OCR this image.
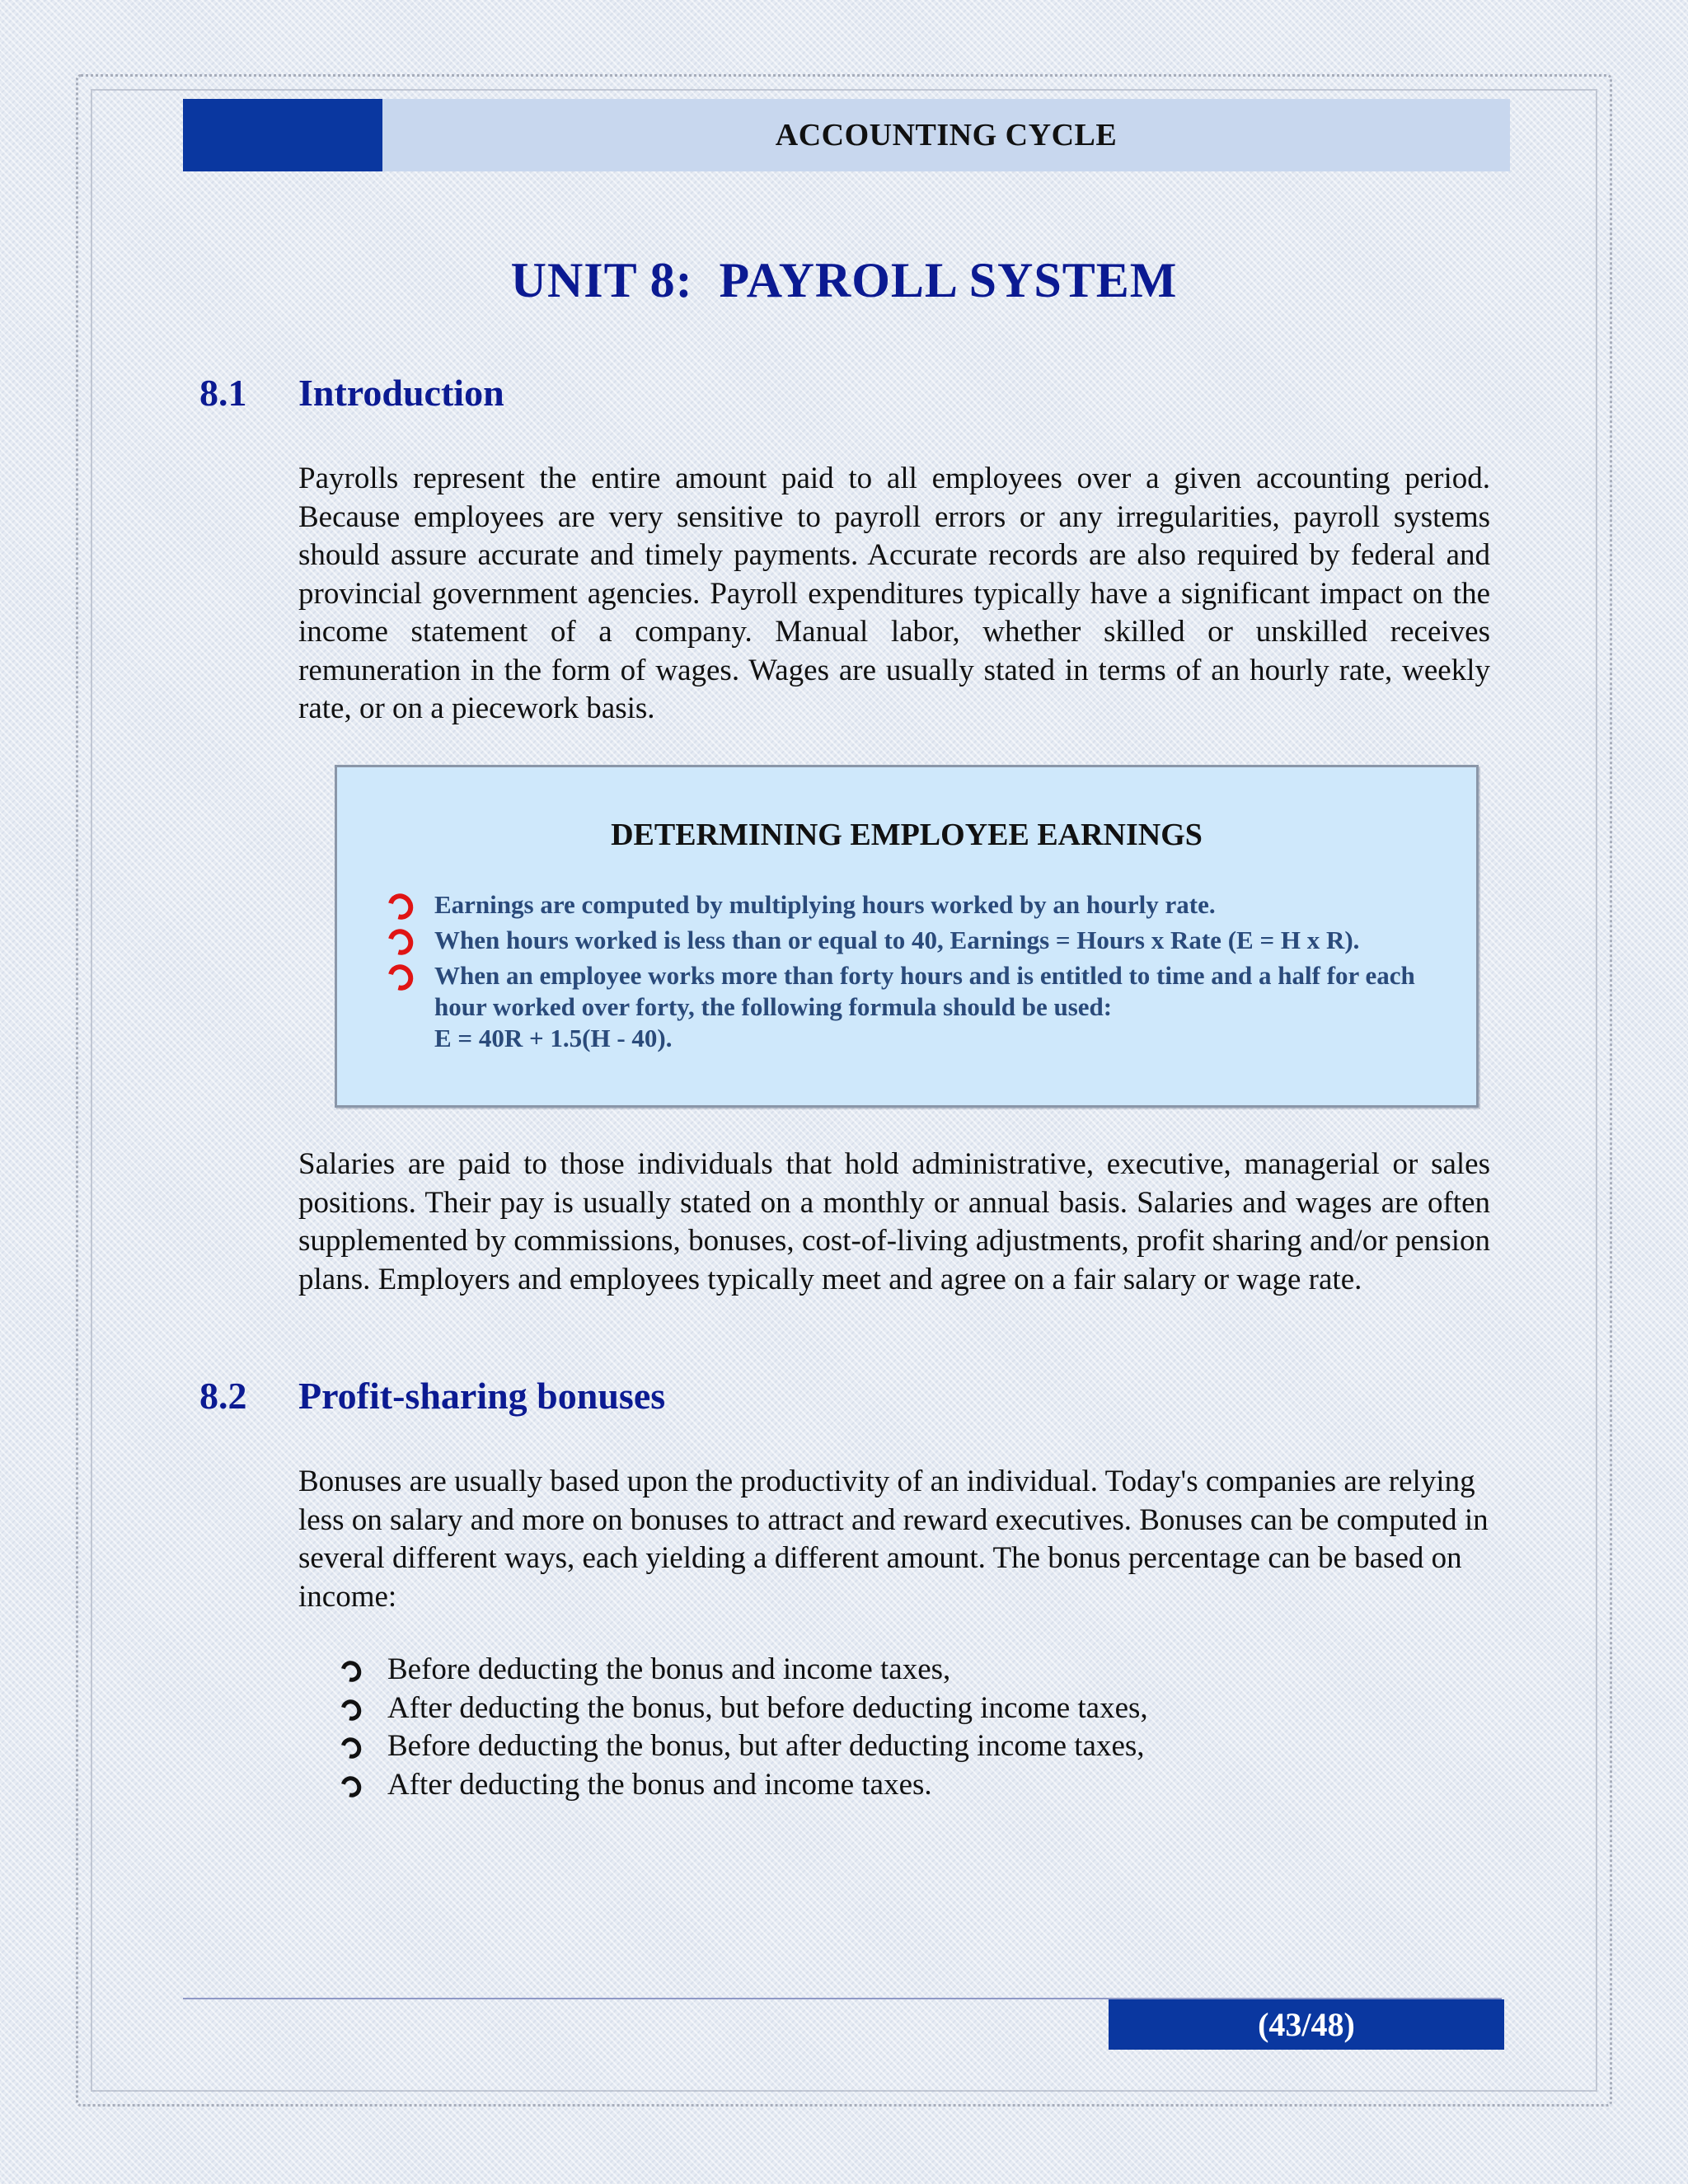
ACCOUNTING CYCLE
UNIT 8:  PAYROLL SYSTEM
8.1	Introduction
Payrolls represent the entire amount paid to all employees over a given accounting period. Because employees are very sensitive to payroll errors or any irregularities, payroll systems should assure accurate and timely payments. Accurate records are also required by federal and provincial government agencies. Payroll expenditures typically have a significant impact on the income statement of a company. Manual labor, whether skilled or unskilled receives remuneration in the form of wages. Wages are usually stated in terms of an hourly rate, weekly rate, or on a piecework basis.
DETERMINING EMPLOYEE EARNINGS
Earnings are computed by multiplying hours worked by an hourly rate.
When hours worked is less than or equal to 40, Earnings = Hours x Rate (E = H x R).
When an employee works more than forty hours and is entitled to time and a half for each hour worked over forty, the following formula should be used:
E = 40R + 1.5(H - 40).
Salaries are paid to those individuals that hold administrative, executive, managerial or sales positions. Their pay is usually stated on a monthly or annual basis. Salaries and wages are often supplemented by commissions, bonuses, cost-of-living adjustments, profit sharing and/or pension plans. Employers and employees typically meet and agree on a fair salary or wage rate.
8.2	Profit-sharing bonuses
Bonuses are usually based upon the productivity of an individual. Today's companies are relying less on salary and more on bonuses to attract and reward executives. Bonuses can be computed in several different ways, each yielding a different amount. The bonus percentage can be based on income:
Before deducting the bonus and income taxes,
After deducting the bonus, but before deducting income taxes,
Before deducting the bonus, but after deducting income taxes,
After deducting the bonus and income taxes.
(43/48)
